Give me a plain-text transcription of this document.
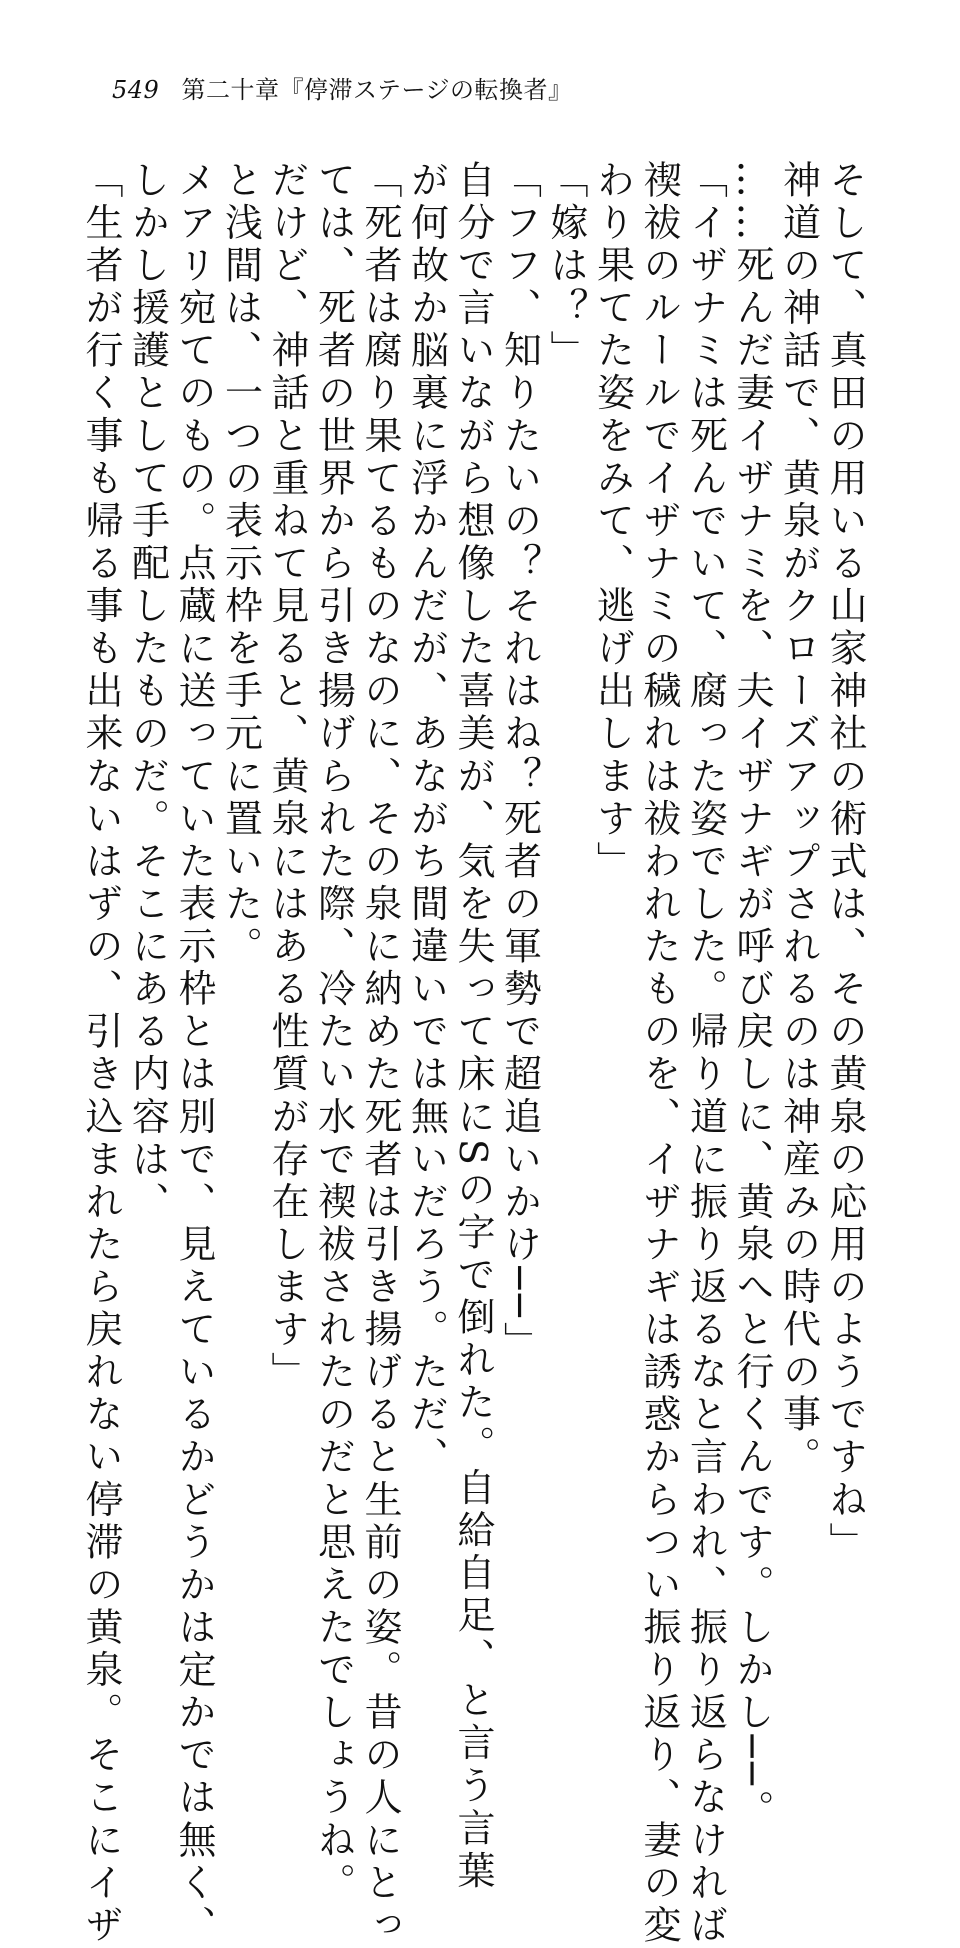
549 第二十章『停滞ステージの転換者』
そして、真田の用いる山家神社の術式は、その黄泉の応用のようですね」
神道の神話で、黄泉がクローズアップされるのは神産みの時代の事。
……死んだ妻イザナミを、夫イザナギが呼び戻しに、黄泉へと行くんです。しかし──。
「イザナミは死んでいて、腐った姿でした。帰り道に振り返るなと言われ、振り返らなければ
禊祓のルールでイザナミの穢れは祓われたものを、イザナギは誘惑からつい振り返り、妻の変
わり果てた姿をみて、逃げ出します」
「嫁は？」
「フフ、知りたいの？それはね？死者の軍勢で超追いかけ──」
自分で言いながら想像した喜美が、気を失って床にSの字で倒れた。自給自足、と言う言葉
が何故か脳裏に浮かんだが、あながち間違いでは無いだろう。ただ、
「死者は腐り果てるものなのに、その泉に納めた死者は引き揚げると生前の姿。昔の人にとっ
ては、死者の世界から引き揚げられた際、冷たい水で禊祓されたのだと思えたでしょうね。
だけど、神話と重ねて見ると、黄泉にはある性質が存在します」
と浅間は、一つの表示枠を手元に置いた。
メアリ宛てのもの。点蔵に送っていた表示枠とは別で、見えているかどうかは定かでは無く、
しかし援護として手配したものだ。そこにある内容は、
「生者が行く事も帰る事も出来ないはずの、引き込まれたら戻れない停滞の黄泉。そこにイザ
